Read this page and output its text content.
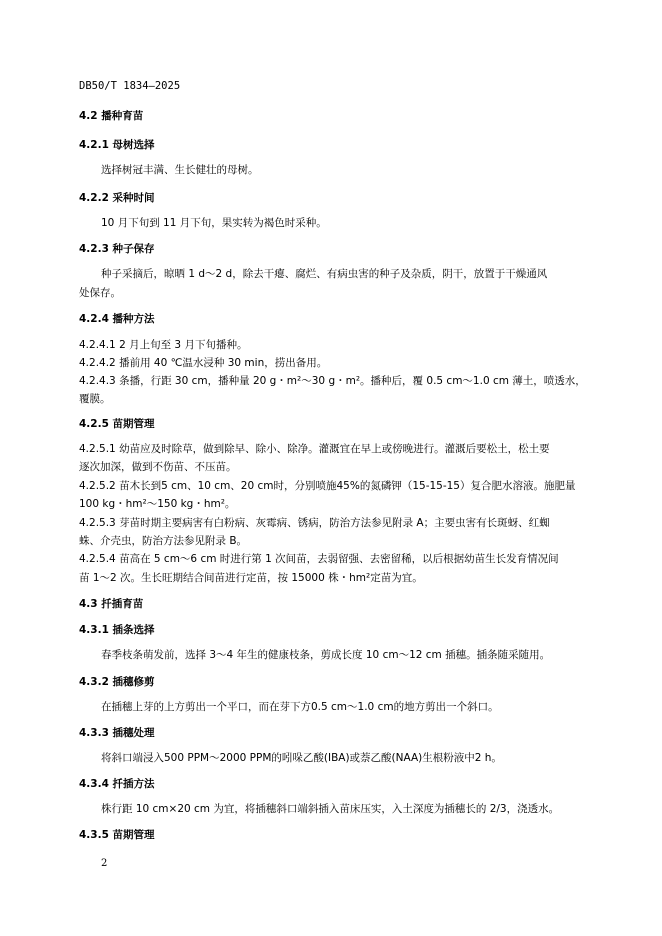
DB50/T 1834—2025
4.2 播种育苗
4.2.1 母树选择
选择树冠丰满、生长健壮的母树。
4.2.2 采种时间
10 月下旬到 11 月下旬，果实转为褐色时采种。
4.2.3 种子保存
种子采摘后，晾晒 1 d～2 d，除去干瘪、腐烂、有病虫害的种子及杂质，阴干，放置于干燥通风
处保存。
4.2.4 播种方法
4.2.4.1 2 月上旬至 3 月下旬播种。
4.2.4.2 播前用 40 ℃温水浸种 30 min，捞出备用。
4.2.4.3 条播，行距 30 cm，播种量 20 g・m²～30 g・m²。播种后，覆 0.5 cm～1.0 cm 薄土，喷透水，
覆膜。
4.2.5 苗期管理
4.2.5.1 幼苗应及时除草，做到除早、除小、除净。灌溉宜在早上或傍晚进行。灌溉后要松土，松土要
逐次加深，做到不伤苗、不压苗。
4.2.5.2 苗木长到5 cm、10 cm、20 cm时，分别喷施45%的氮磷钾（15-15-15）复合肥水溶液。施肥量
100 kg・hm²～150 kg・hm²。
4.2.5.3 芽苗时期主要病害有白粉病、灰霉病、锈病，防治方法参见附录 A；主要虫害有长斑蚜、红蜘
蛛、介壳虫，防治方法参见附录 B。
4.2.5.4 苗高在 5 cm～6 cm 时进行第 1 次间苗，去弱留强、去密留稀，以后根据幼苗生长发育情况间
苗 1～2 次。生长旺期结合间苗进行定苗，按 15000 株・hm²定苗为宜。
4.3 扦插育苗
4.3.1 插条选择
春季枝条萌发前，选择 3～4 年生的健康枝条，剪成长度 10 cm～12 cm 插穗。插条随采随用。
4.3.2 插穗修剪
在插穗上芽的上方剪出一个平口，而在芽下方0.5 cm～1.0 cm的地方剪出一个斜口。
4.3.3 插穗处理
将斜口端浸入500 PPM～2000 PPM的吲哚乙酸(IBA)或萘乙酸(NAA)生根粉液中2 h。
4.3.4 扦插方法
株行距 10 cm×20 cm 为宜，将插穗斜口端斜插入苗床压实，入土深度为插穗长的 2/3，浇透水。
4.3.5 苗期管理
2
